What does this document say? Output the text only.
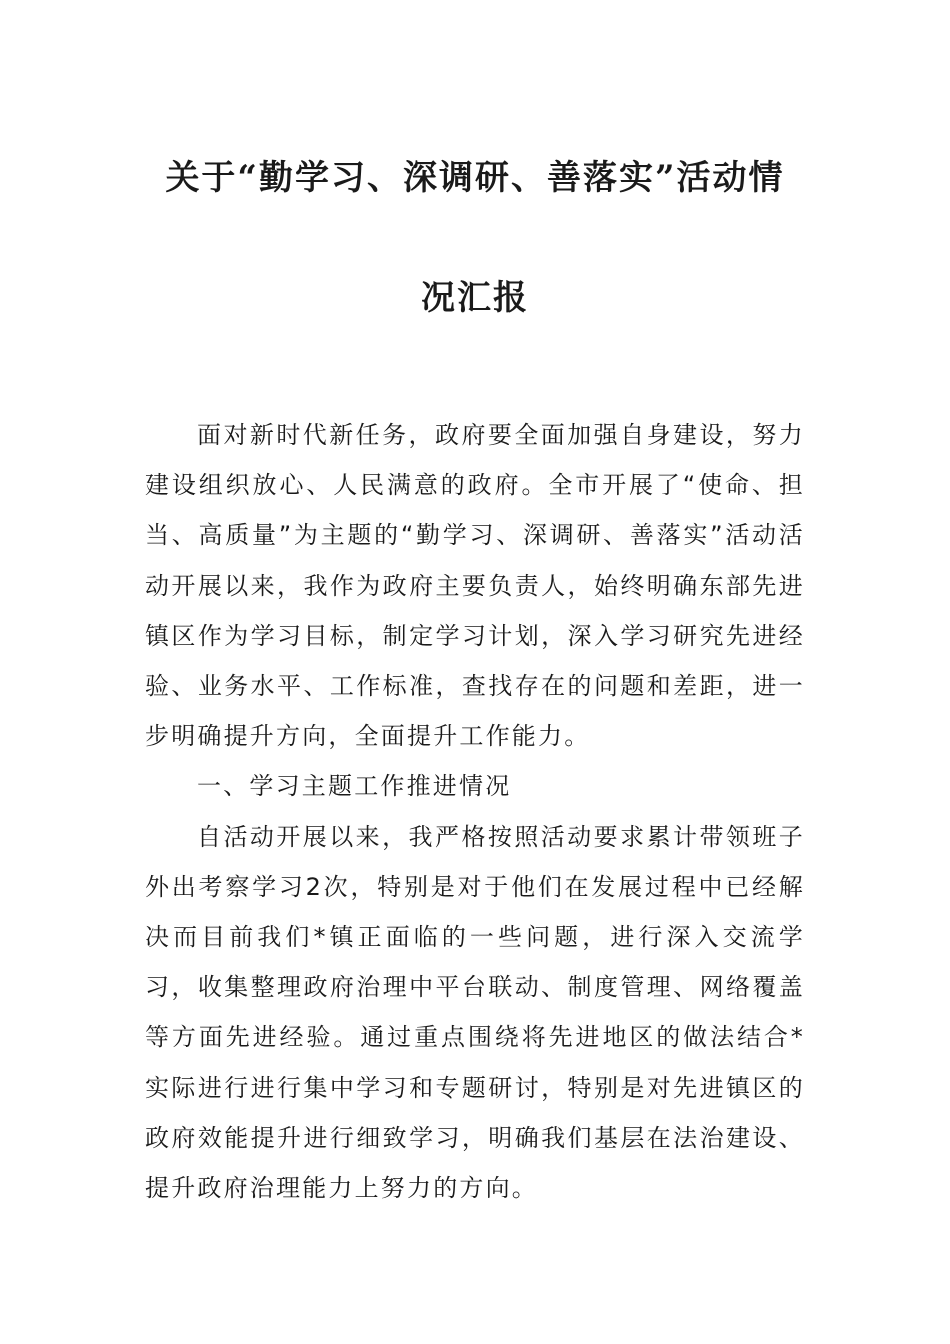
关于“勤学习、深调研、善落实”活动情
况汇报

面对新时代新任务，政府要全面加强自身建设，努力建设组织放心、人民满意的政府。全市开展了“使命、担当、高质量”为主题的“勤学习、深调研、善落实”活动活动开展以来，我作为政府主要负责人，始终明确东部先进镇区作为学习目标，制定学习计划，深入学习研究先进经验、业务水平、工作标准，查找存在的问题和差距，进一步明确提升方向，全面提升工作能力。

一、学习主题工作推进情况

自活动开展以来，我严格按照活动要求累计带领班子外出考察学习2次，特别是对于他们在发展过程中已经解决而目前我们*镇正面临的一些问题，进行深入交流学习，收集整理政府治理中平台联动、制度管理、网络覆盖等方面先进经验。通过重点围绕将先进地区的做法结合*实际进行进行集中学习和专题研讨，特别是对先进镇区的政府效能提升进行细致学习，明确我们基层在法治建设、提升政府治理能力上努力的方向。
